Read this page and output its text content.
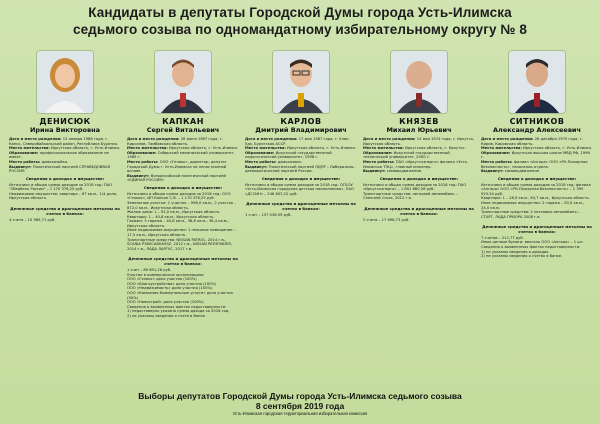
Кандидаты в депутаты Городской Думы города Усть-Илимска
седьмого созыва по одномандатному избирательному округу № 8
ДЕНИСЮК
Ирина Викторовна
Дата и место рождения: 13 января 1986 года, г. Канск, Северобайкальский район, Республика Бурятия.
Место жительства: Иркутская область, г. Усть-Илимск.
Образование: профессиональное образование не имеет.
Место работы: домохозяйка.
Выдвинут: Политической партией СПРАВЕДЛИВАЯ РОССИЯ
Сведения о доходах и имуществе:
Источники и общая сумма доходов за 2018 год: ПАО "Сбербанк России" – 1 170 376,25 руб.
Недвижимое имущество: квартира – 67 кв.м., 1/4 доля, Иркутская область.
Денежные средства и драгоценные металлы на счетах в банках:
4 счета – 10 989,71 руб.
КАПКАН
Сергей Витальевич
Дата и место рождения: 26 июня 1967 года, г. Кирсанов, Тамбовская область.
Место жительства: Иркутская область, г. Усть-Илимск.
Образование: Сибирский механический университет, 1989 г.
Место работы: ООО «Гелиос», директор, депутат Городской Думы г. Усть-Илимска на непостоянной основе.
Выдвинут: Всероссийской политической партией «ЕДИНАЯ РОССИЯ»
Сведения о доходах и имуществе:
Источники и общая сумма доходов за 2018 год: ООО «Гелиос», ИП Капкан С.В. – 1 170 376,25 руб.
Земельные участки: 1 участок – 996,0 кв.м., 2 участок – 872,0 кв.м., Иркутская область.
Жилые дома: 1 – 52,0 кв.м., Иркутская область.
Квартиры: 1 – 40,6 кв.м., Иркутская область.
Гаражи: 3 гаража – 40,6 кв.м., 36,6 кв.м., 36,4 кв.м., Иркутская область.
Иное недвижимое имущество: 1 нежилое помещение – 17,5 кв.м., Иркутская область.
Транспортные средства: NISSAN PATROL, 2014 г.в., SCANIA P380CA6X4HSZ, 2012 г.в., NISSAN PATHFINDER, 2014 г.в., ЛАДА ЛАРГУС, 2017 г.в.
Денежные средства и драгоценные металлы на счетах в банках:
1 счет – 89 691,26 руб.
Участие в коммерческих организациях:
ООО «Гелиос» доля участия (100%)
ООО «Благоустройство» доля участия (100%)
ООО «Недвижимость» доля участия (100%)
ООО «Компания Коммунальные услуги» доля участия (50%)
ООО «Новострой» доля участия (100%)
Сведения о выявленных фактах недостоверности:
1) недостоверно указана сумма дохода за 2018 год.
2) не указаны сведения о счете в банке.
КАРЛОВ
Дмитрий Владимирович
Дата и место рождения: 17 мая 1987 года, г. Улан-Удэ, Бурятская АССР.
Место жительства: Иркутская область, г. Усть-Илимск.
Образование: Иркутский государственный педагогический университет, 1998 г.
Место работы: домохозяин.
Выдвинут: Политической партией ЛДПР – Либерально-демократической партией России.
Сведения о доходах и имуществе:
Источники и общая сумма доходов за 2018 год: ОГБОУ «Усть-Илимская городская детская поликлиника», ПАО «ДССИН» – 248 603,22 руб.
Денежные средства и драгоценные металлы на счетах в банках:
1 счет – 137 038,55 руб.
КНЯЗЕВ
Михаил Юрьевич
Дата и место рождения: 14 мая 1974 года, г. Иркутск, Иркутская область.
Место жительства: Иркутская область, г. Иркутск.
Образование: Иркутский государственный технический университет, 2000 г.
Место работы: ПАО «Иркутскэнерго» филиал «Усть-Илимская ТЭЦ», главный инженер.
Выдвинут: самовыдвижение.
Сведения о доходах и имуществе:
Источники и общая сумма доходов за 2018 год: ПАО «Иркутскэнерго» – 1 851 860,56 руб.
Транспортные средства: легковой автомобиль – Chevrolet Cruze, 2012 г.в.
Денежные средства и драгоценные металлы на счетах в банках:
2 счета – 17 698,73 руб.
СИТНИКОВ
Александр Алексеевич
Дата и место рождения: 26 декабря 1970 года, г. Киров, Кировская область.
Место жительства: Иркутская область, г. Усть-Илимск.
Образование: Иркутская высшая школа МВД РФ, 1996 г.
Место работы: филиал «Ангара» ООО «РН-Пожарная безопасность», начальник отдела.
Выдвинут: самовыдвижение.
Сведения о доходах и имуществе:
Источники и общая сумма доходов за 2018 год: филиал «Ангара» ООО «РН-Пожарная безопасность» – 1 395 925,54 руб.
Квартиры: 1 – 28,9 кв.м., 64,7 кв.м., Иркутская область.
Иное недвижимое имущество: 2 гаража – 29,0 кв.м., 24,0 кв.м.
Транспортные средства: 2 легковых автомобиля – СТАРТ, ЛАДА ПРИОРА 2008 г.в.
Денежные средства и драгоценные металлы на счетах в банках:
7 счетов – 212,77 руб.
Иные ценные бумаги: вексель ООО «Ангара» – 1 шт.
Сведения о выявленных фактах недостоверности:
1) не указаны сведения о доходах.
2) не указаны сведения о счетах в банке.
Выборы депутатов Городской Думы города Усть-Илимска седьмого созыва
8 сентября 2019 года
Усть-Илимская городская территориальная избирательная комиссия
